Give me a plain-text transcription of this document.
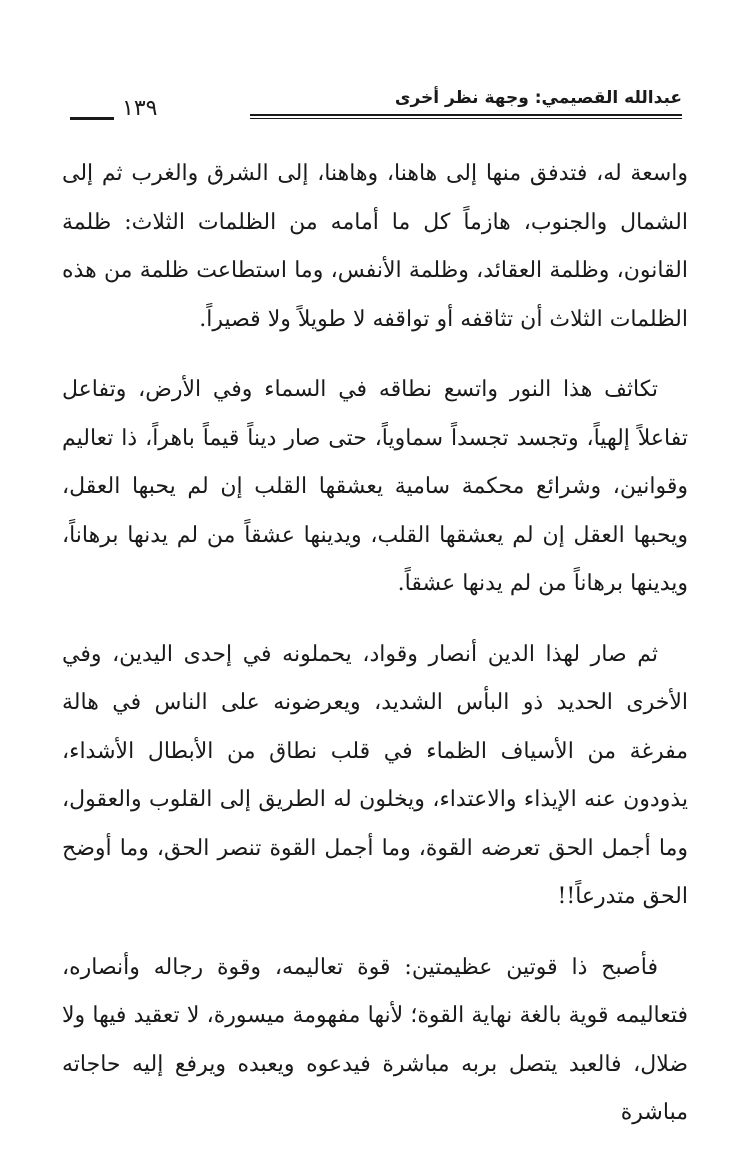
عبدالله القصيمي: وجهة نظر أخرى
١٣٩

واسعة له، فتدفق منها إلى هاهنا، وهاهنا، إلى الشرق والغرب ثم إلى الشمال والجنوب، هازماً كل ما أمامه من الظلمات الثلاث: ظلمة القانون، وظلمة العقائد، وظلمة الأنفس، وما استطاعت ظلمة من هذه الظلمات الثلاث أن تثاقفه أو تواقفه لا طويلاً ولا قصيراً.

تكاثف هذا النور واتسع نطاقه في السماء وفي الأرض، وتفاعل تفاعلاً إلهياً، وتجسد تجسداً سماوياً، حتى صار ديناً قيماً باهراً، ذا تعاليم وقوانين، وشرائع محكمة سامية يعشقها القلب إن لم يحبها العقل، ويحبها العقل إن لم يعشقها القلب، ويدينها عشقاً من لم يدنها برهاناً، ويدينها برهاناً من لم يدنها عشقاً.

ثم صار لهذا الدين أنصار وقواد، يحملونه في إحدى اليدين، وفي الأخرى الحديد ذو البأس الشديد، ويعرضونه على الناس في هالة مفرغة من الأسياف الظماء في قلب نطاق من الأبطال الأشداء، يذودون عنه الإيذاء والاعتداء، ويخلون له الطريق إلى القلوب والعقول، وما أجمل الحق تعرضه القوة، وما أجمل القوة تنصر الحق، وما أوضح الحق متدرعاً!!

فأصبح ذا قوتين عظيمتين: قوة تعاليمه، وقوة رجاله وأنصاره، فتعاليمه قوية بالغة نهاية القوة؛ لأنها مفهومة ميسورة، لا تعقيد فيها ولا ضلال، فالعبد يتصل بربه مباشرة فيدعوه ويعبده ويرفع إليه حاجاته مباشرة
